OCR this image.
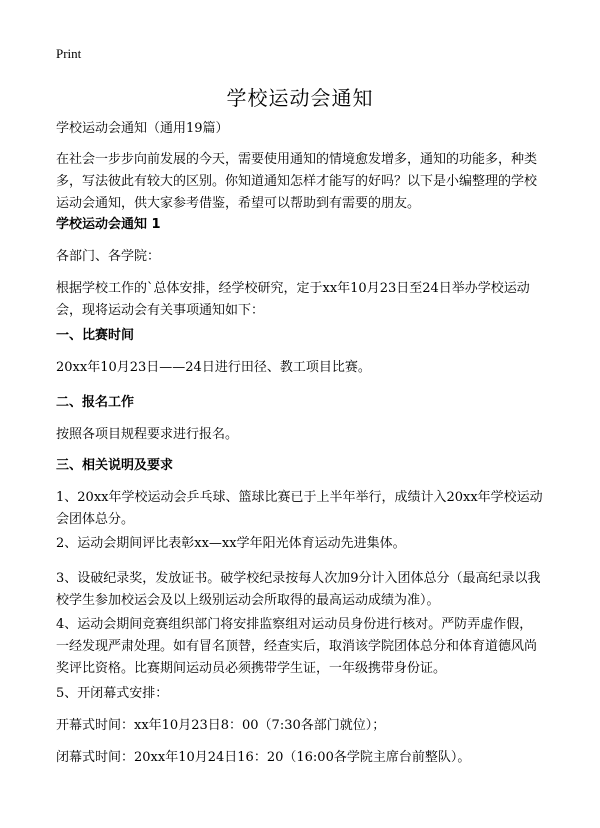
Print
学校运动会通知

学校运动会通知（通用19篇）

在社会一步步向前发展的今天，需要使用通知的情境愈发增多，通知的功能多，种类多，写法彼此有较大的区别。你知道通知怎样才能写的好吗？以下是小编整理的学校运动会通知，供大家参考借鉴，希望可以帮助到有需要的朋友。

学校运动会通知 1

各部门、各学院：

根据学校工作的`总体安排，经学校研究，定于xx年10月23日至24日举办学校运动会，现将运动会有关事项通知如下：

一、比赛时间

20xx年10月23日——24日进行田径、教工项目比赛。

二、报名工作

按照各项目规程要求进行报名。

三、相关说明及要求

1、20xx年学校运动会乒乓球、篮球比赛已于上半年举行，成绩计入20xx年学校运动会团体总分。

2、运动会期间评比表彰xx—xx学年阳光体育运动先进集体。

3、设破纪录奖，发放证书。破学校纪录按每人次加9分计入团体总分（最高纪录以我校学生参加校运会及以上级别运动会所取得的最高运动成绩为准）。

4、运动会期间竞赛组织部门将安排监察组对运动员身份进行核对。严防弄虚作假，一经发现严肃处理。如有冒名顶替，经查实后，取消该学院团体总分和体育道德风尚奖评比资格。比赛期间运动员必须携带学生证，一年级携带身份证。

5、开闭幕式安排：

开幕式时间：xx年10月23日8：00（7:30各部门就位）；

闭幕式时间：20xx年10月24日16：20（16:00各学院主席台前整队）。
